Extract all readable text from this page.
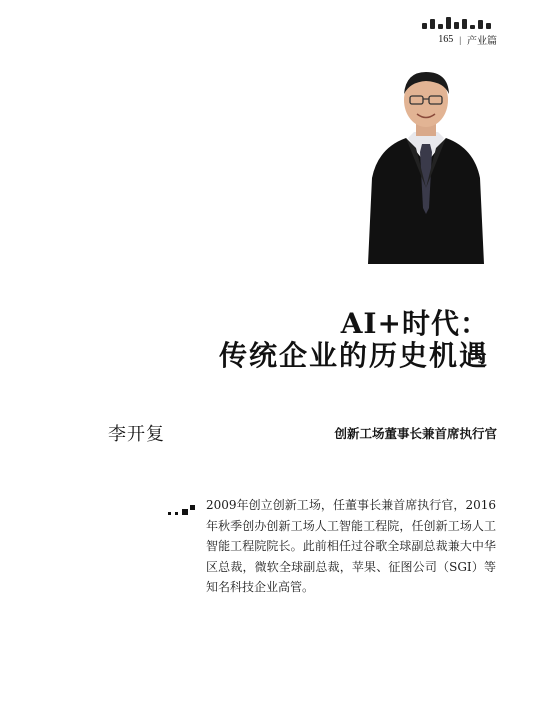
165 | 产业篇
AI+时代：
传统企业的历史机遇
李开复	创新工场董事长兼首席执行官
2009年创立创新工场，任董事长兼首席执行官，2016年秋季创办创新工场人工智能工程院，任创新工场人工智能工程院院长。此前相任过谷歌全球副总裁兼大中华区总裁，微软全球副总裁，苹果、征图公司（SGI）等知名科技企业高管。
